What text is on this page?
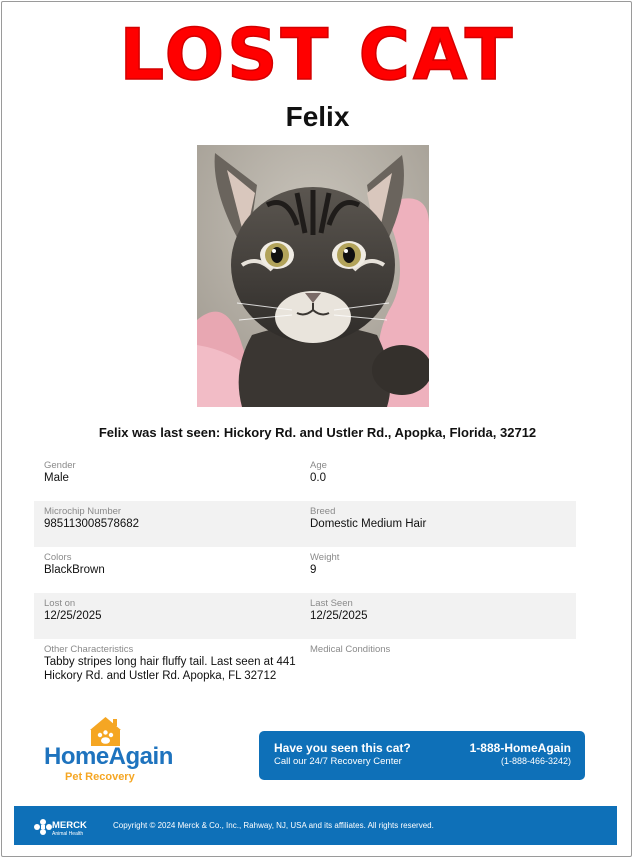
LOST CAT
Felix
Felix was last seen: Hickory Rd. and Ustler Rd., Apopka, Florida, 32712
Gender
Male
Age
0.0
Microchip Number
985113008578682
Breed
Domestic Medium Hair
Colors
BlackBrown
Weight
9
Lost on
12/25/2025
Last Seen
12/25/2025
Other Characteristics
Tabby stripes long hair fluffy tail. Last seen at 441 Hickory Rd. and Ustler Rd. Apopka, FL 32712
Medical Conditions
HomeAgain
Pet Recovery
Have you seen this cat?
Call our 24/7 Recovery Center
1-888-HomeAgain
(1-888-466-3242)
MERCK
Animal Health
Copyright © 2024 Merck & Co., Inc., Rahway, NJ, USA and its affiliates. All rights reserved.
